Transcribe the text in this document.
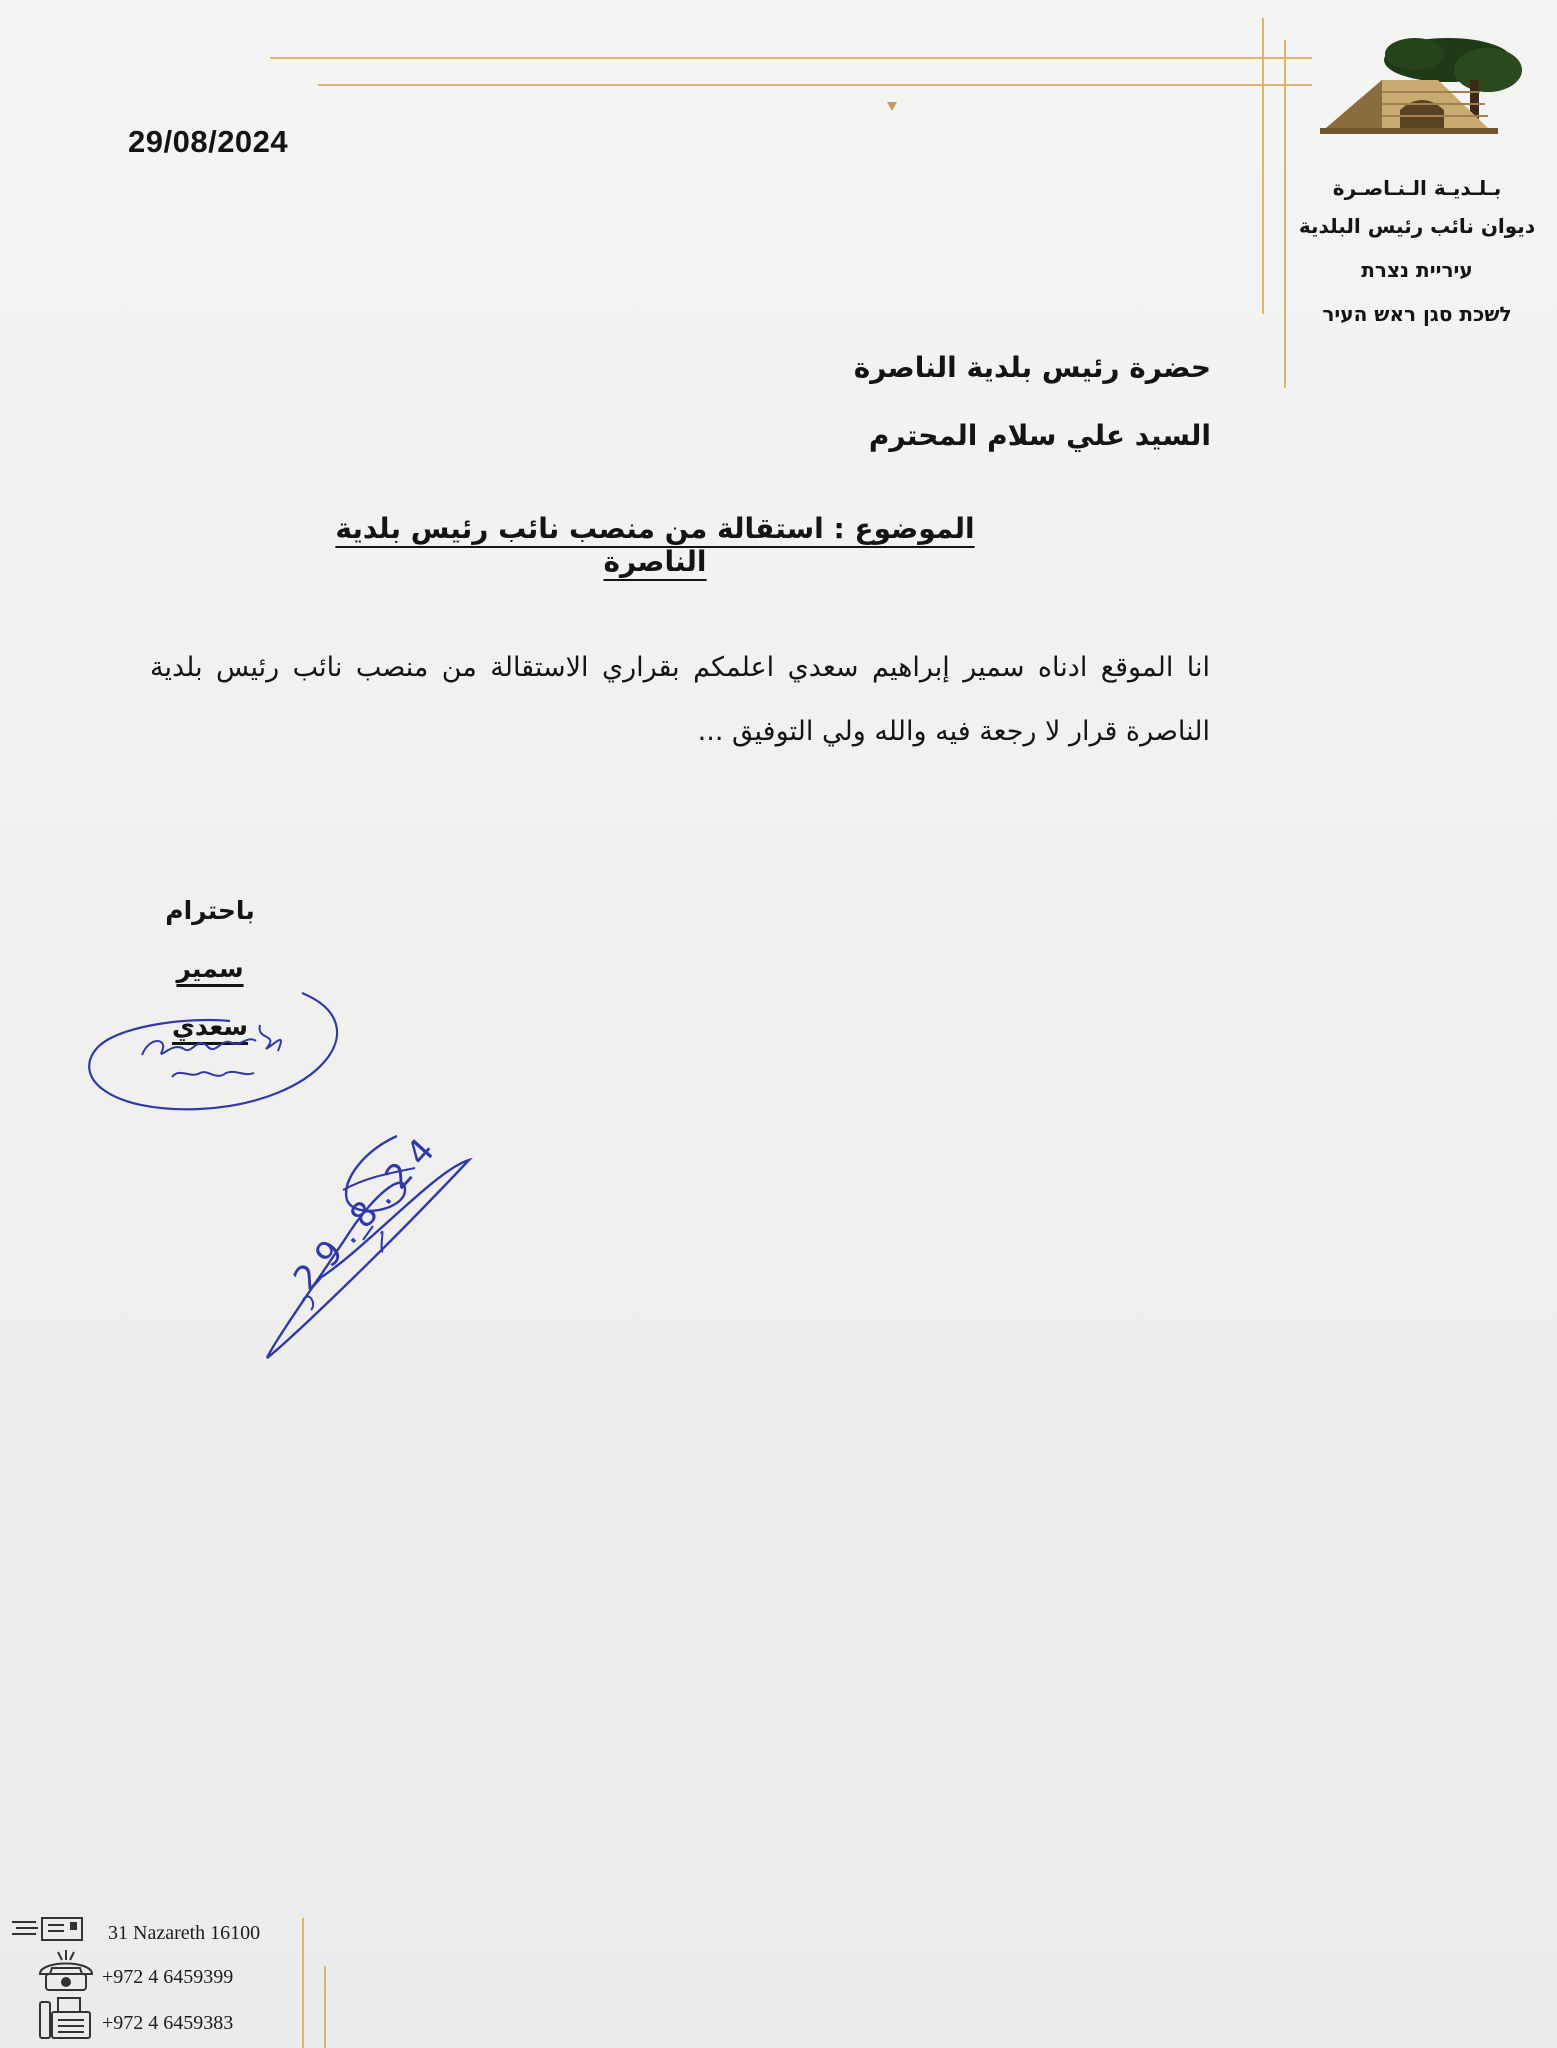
بـلـديـة الـنـاصـرة
ديوان نائب رئيس البلدية
עיריית נצרת
לשכת סגן ראש העיר
29/08/2024
حضرة رئيس بلدية الناصرة
السيد علي سلام المحترم
الموضوع : استقالة من منصب نائب رئيس بلدية الناصرة
انا الموقع ادناه سمير إبراهيم سعدي اعلمكم بقراري الاستقالة من منصب نائب رئيس بلدية الناصرة قرار لا رجعة فيه والله ولي التوفيق ...
باحترام
سمير سعدي
29.8.24
31 Nazareth 16100
+972 4 6459399
+972 4 6459383
